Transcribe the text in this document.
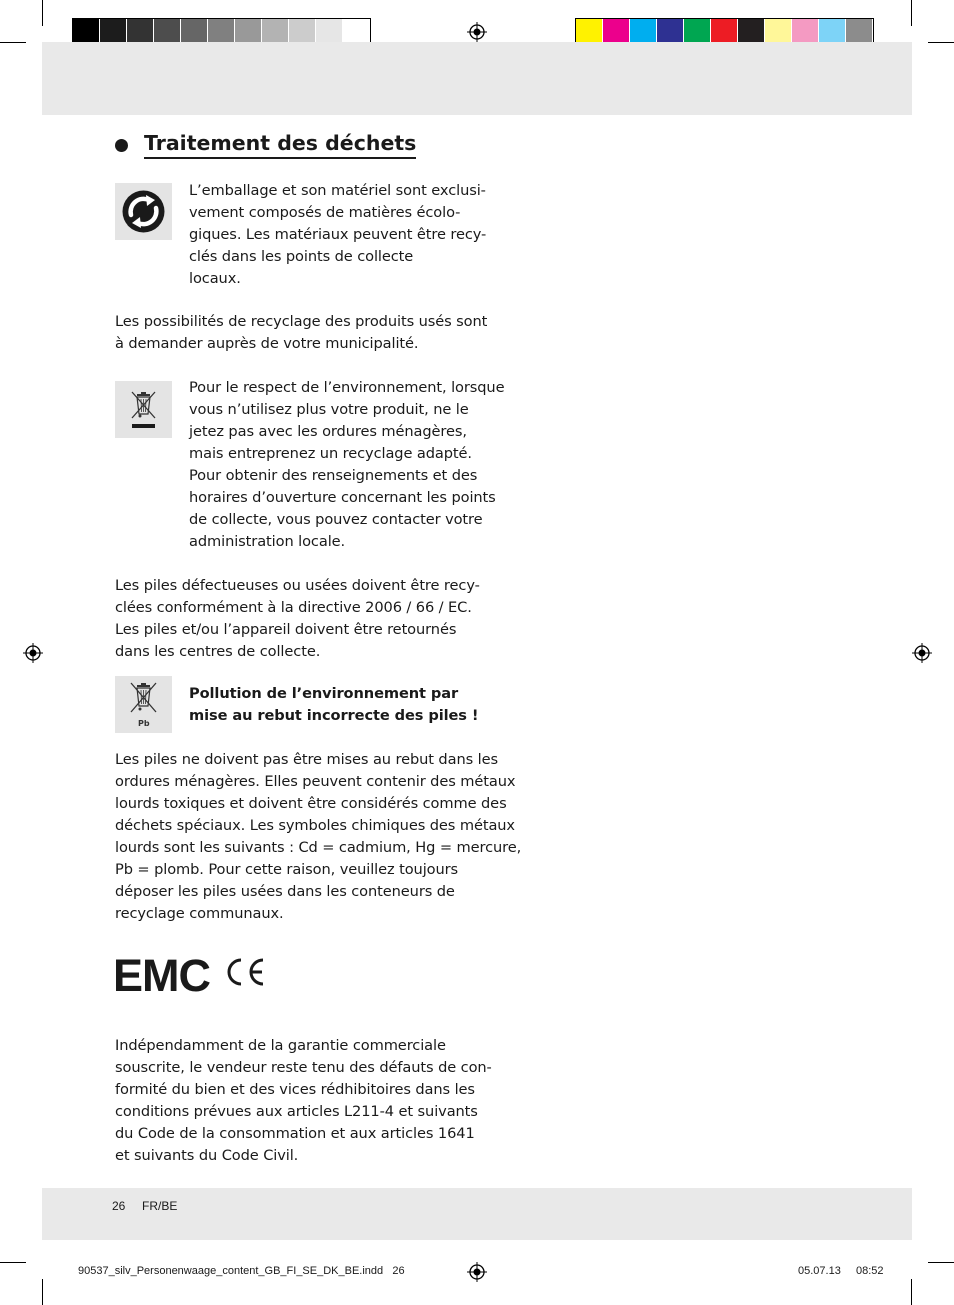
Traitement des déchets
L’emballage et son matériel sont exclusi-
vement composés de matières écolo-
giques. Les matériaux peuvent être recy-
clés dans les points de collecte
locaux.
Les possibilités de recyclage des produits usés sont
à demander auprès de votre municipalité.
Pour le respect de l’environnement, lorsque
vous n’utilisez plus votre produit, ne le
jetez pas avec les ordures ménagères,
mais entreprenez un recyclage adapté.
Pour obtenir des renseignements et des
horaires d’ouverture concernant les points
de collecte, vous pouvez contacter votre
administration locale.
Les piles défectueuses ou usées doivent être recy-
clées conformément à la directive 2006 / 66 / EC.
Les piles et/ou l’appareil doivent être retournés
dans les centres de collecte.
Pb
Pollution de l’environnement par
mise au rebut incorrecte des piles !
Les piles ne doivent pas être mises au rebut dans les
ordures ménagères. Elles peuvent contenir des métaux
lourds toxiques et doivent être considérés comme des
déchets spéciaux. Les symboles chimiques des métaux
lourds sont les suivants : Cd = cadmium, Hg = mercure,
Pb = plomb. Pour cette raison, veuillez toujours
déposer les piles usées dans les conteneurs de
recyclage communaux.
EMC
Indépendamment de la garantie commerciale
souscrite, le vendeur reste tenu des défauts de con-
formité du bien et des vices rédhibitoires dans les
conditions prévues aux articles L211-4 et suivants
du Code de la consommation et aux articles 1641
et suivants du Code Civil.
26 FR/BE
90537_silv_Personenwaage_content_GB_FI_SE_DK_BE.indd   26	05.07.13 08:52
